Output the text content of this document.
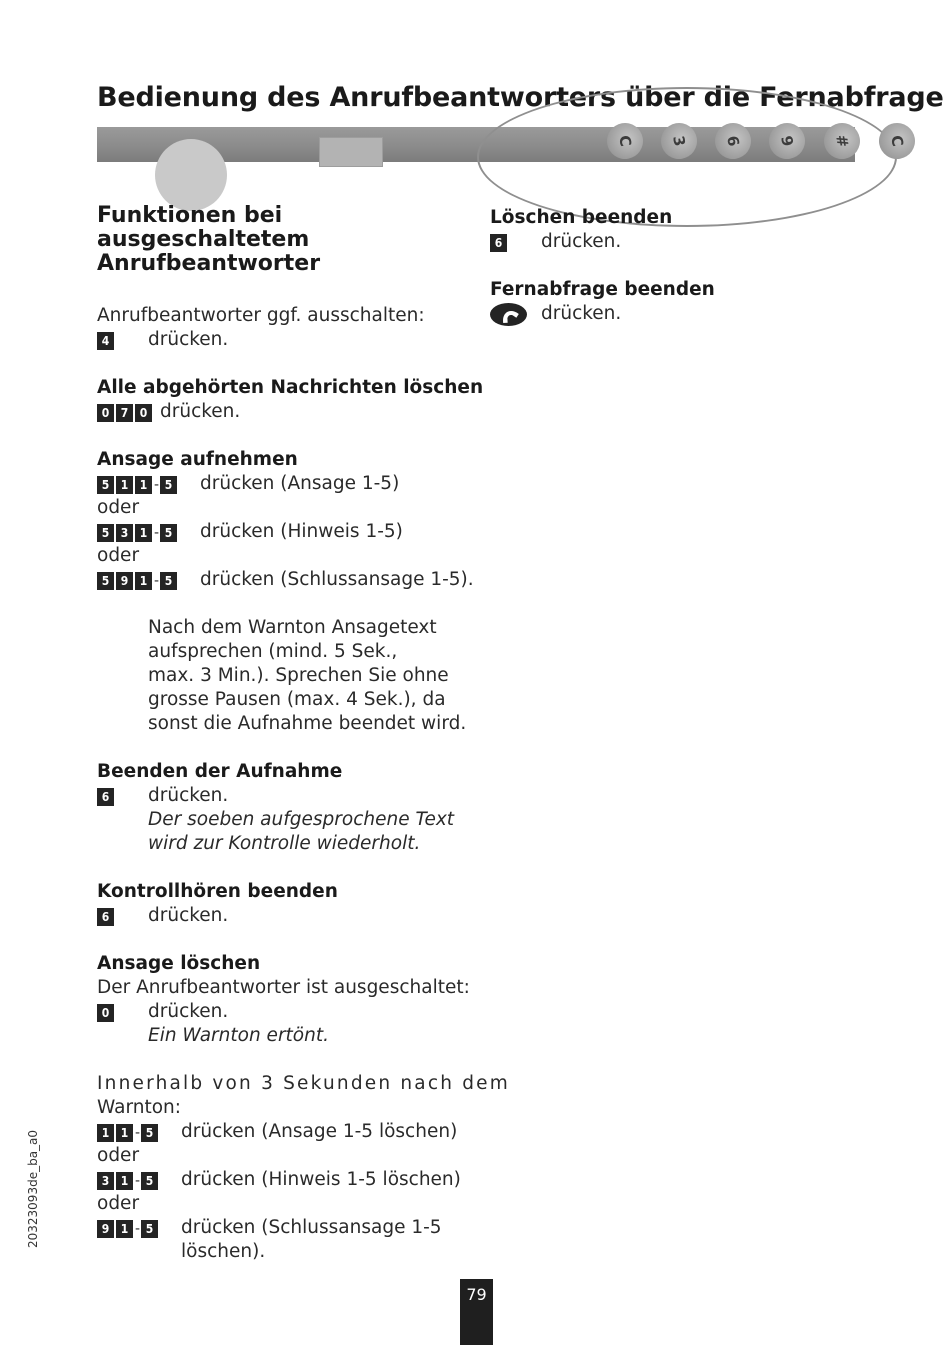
Bedienung des Anrufbeantworters über die Fernabfrage
C	3	6	9	#	C
Funktionen bei ausgeschaltetem
Anrufbeantworter
Anrufbeantworter ggf. ausschalten:
4 drücken.
Alle abgehörten Nachrichten löschen
0 7 0 drücken.
Ansage aufnehmen
5 1 1 - 5 drücken (Ansage 1-5)
oder
5 3 1 - 5 drücken (Hinweis 1-5)
oder
5 9 1 - 5 drücken (Schlussansage 1-5).
Nach dem Warnton Ansagetext
aufsprechen (mind. 5 Sek.,
max. 3 Min.). Sprechen Sie ohne
grosse Pausen (max. 4 Sek.), da
sonst die Aufnahme beendet wird.
Beenden der Aufnahme
6 drücken.
Der soeben aufgesprochene Text
wird zur Kontrolle wiederholt.
Kontrollhören beenden
6 drücken.
Ansage löschen
Der Anrufbeantworter ist ausgeschaltet:
0 drücken.
Ein Warnton ertönt.
Innerhalb von 3 Sekunden nach dem
Warnton:
1 1 - 5 drücken (Ansage 1-5 löschen)
oder
3 1 - 5 drücken (Hinweis 1-5 löschen)
oder
9 1 - 5 drücken (Schlussansage 1-5
löschen).
Löschen beenden
6 drücken.
Fernabfrage beenden
drücken.
79
20323093de_ba_a0
